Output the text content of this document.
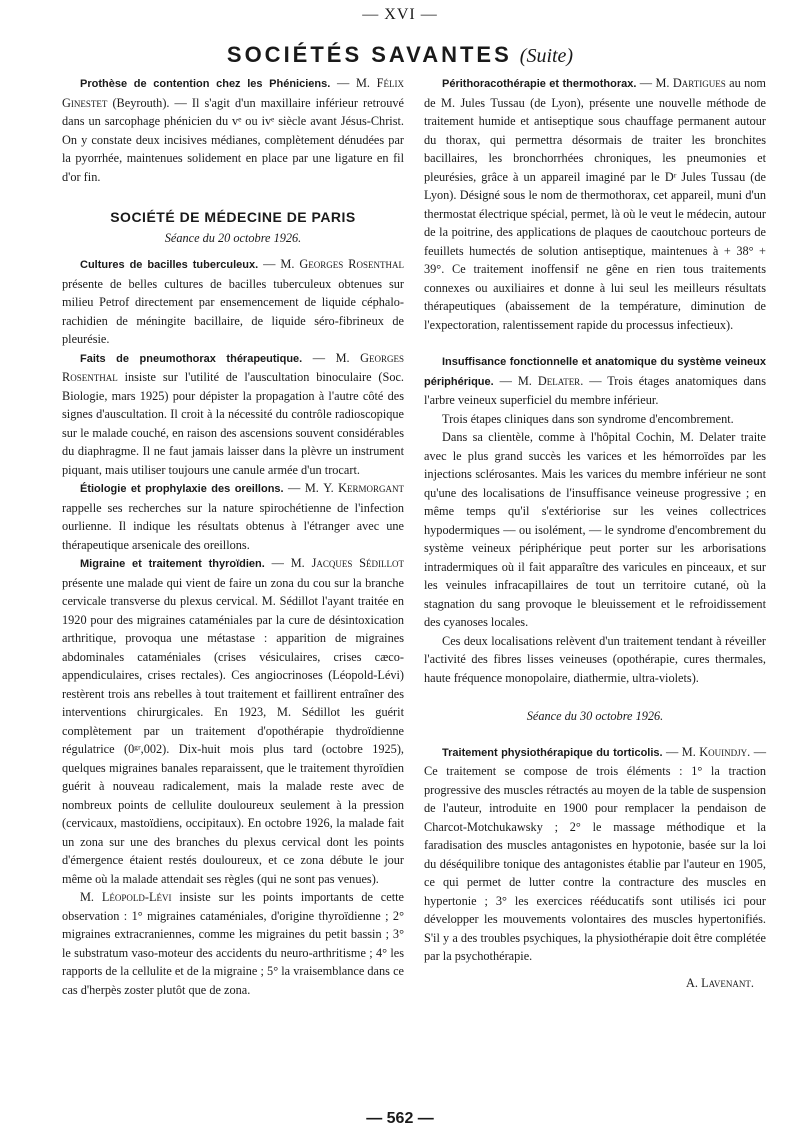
— XVI —
SOCIÉTÉS SAVANTES (Suite)

Prothèse de contention chez les Phéniciens. — M. Félix Ginestet (Beyrouth). — Il s'agit d'un maxillaire inférieur retrouvé dans un sarcophage phénicien du vᵉ ou ivᵉ siècle avant Jésus-Christ. On y constate deux incisives médianes, complètement dénudées par la pyorrhée, maintenues solidement en place par une ligature en fil d'or fin.

SOCIÉTÉ DE MÉDECINE DE PARIS
Séance du 20 octobre 1926.

Cultures de bacilles tuberculeux. — M. Georges Rosenthal présente de belles cultures de bacilles tuberculeux obtenues sur milieu Petrof directement par ensemencement de liquide céphalo-rachidien de méningite bacillaire, de liquide séro-fibrineux de pleurésie.

Faits de pneumothorax thérapeutique. — M. Georges Rosenthal insiste sur l'utilité de l'auscultation binoculaire (Soc. Biologie, mars 1925) pour dépister la propagation à l'autre côté des signes d'auscultation. Il croit à la nécessité du contrôle radioscopique sur le malade couché, en raison des ascensions souvent considérables du diaphragme. Il ne faut jamais laisser dans la plèvre un instrument piquant, mais utiliser toujours une canule armée d'un trocart.

Étiologie et prophylaxie des oreillons. — M. Y. Kermorgant rappelle ses recherches sur la nature spirochétienne de l'infection ourlienne. Il indique les résultats obtenus à l'étranger avec une thérapeutique arsenicale des oreillons.

Migraine et traitement thyroïdien. — M. Jacques Sédillot présente une malade qui vient de faire un zona du cou sur la branche cervicale transverse du plexus cervical. M. Sédillot l'ayant traitée en 1920 pour des migraines cataméniales par la cure de désintoxication arthritique, provoqua une métastase : apparition de migraines abdominales cataméniales (crises vésiculaires, crises cæco-appendiculaires, crises rectales). Ces angiocrinoses (Léopold-Lévi) restèrent trois ans rebelles à tout traitement et faillirent entraîner des interventions chirurgicales. En 1923, M. Sédillot les guérit complètement par un traitement d'opothérapie thydroïdienne régulatrice (0ᵍʳ,002). Dix-huit mois plus tard (octobre 1925), quelques migraines banales reparaissent, que le traitement thyroïdien guérit à nouveau radicalement, mais la malade reste avec de nombreux points de cellulite douloureux seulement à la pression (cervicaux, mastoïdiens, occipitaux). En octobre 1926, la malade fait un zona sur une des branches du plexus cervical dont les points d'émergence étaient restés douloureux, et ce zona débute le jour même où la malade attendait ses règles (qui ne sont pas venues).

M. Léopold-Lévi insiste sur les points importants de cette observation : 1° migraines cataméniales, d'origine thyroïdienne ; 2° migraines extracraniennes, comme les migraines du petit bassin ; 3° le substratum vaso-moteur des accidents du neuro-arthritisme ; 4° les rapports de la cellulite et de la migraine ; 5° la vraisemblance dans ce cas d'herpès zoster plutôt que de zona.

Périthoracothérapie et thermothorax. — M. Dartigues au nom de M. Jules Tussau (de Lyon), présente une nouvelle méthode de traitement humide et antiseptique sous chauffage permanent autour du thorax, qui permettra désormais de traiter les bronchites bacillaires, les bronchorrhées chroniques, les pneumonies et pleurésies, grâce à un appareil imaginé par le Dʳ Jules Tussau (de Lyon). Désigné sous le nom de thermothorax, cet appareil, muni d'un thermostat électrique spécial, permet, là où le veut le médecin, autour de la poitrine, des applications de plaques de caoutchouc porteurs de feuillets humectés de solution antiseptique, maintenues à + 38° + 39°. Ce traitement inoffensif ne gêne en rien tous traitements connexes ou auxiliaires et donne à lui seul les meilleurs résultats thérapeutiques (abaissement de la température, diminution de l'expectoration, ralentissement rapide du processus infectieux).

Insuffisance fonctionnelle et anatomique du système veineux périphérique. — M. Delater. — Trois étages anatomiques dans l'arbre veineux superficiel du membre inférieur.

Trois étapes cliniques dans son syndrome d'encombrement.

Dans sa clientèle, comme à l'hôpital Cochin, M. Delater traite avec le plus grand succès les varices et les hémorroïdes par les injections sclérosantes. Mais les varices du membre inférieur ne sont qu'une des localisations de l'insuffisance veineuse progressive ; en même temps qu'il s'extériorise sur les veines collectrices hypodermiques — ou isolément, — le syndrome d'encombrement du système veineux périphérique peut porter sur les arborisations intradermiques où il fait apparaître des varicules en pinceaux, et sur les veinules infracapillaires de tout un territoire cutané, où la stagnation du sang provoque le bleuissement et le refroidissement des cyanoses locales.

Ces deux localisations relèvent d'un traitement tendant à réveiller l'activité des fibres lisses veineuses (opothérapie, cures thermales, haute fréquence monopolaire, diathermie, ultra-violets).

Séance du 30 octobre 1926.

Traitement physiothérapique du torticolis. — M. Kouindjy. — Ce traitement se compose de trois éléments : 1° la traction progressive des muscles rétractés au moyen de la table de suspension de l'auteur, introduite en 1900 pour remplacer la pendaison de Charcot-Motchukawsky ; 2° le massage méthodique et la faradisation des muscles antagonistes en hypotonie, basée sur la loi du déséquilibre tonique des antagonistes établie par l'auteur en 1905, ce qui permet de lutter contre la contracture des muscles en hypertonie ; 3° les exercices rééducatifs sont utilisés ici pour développer les mouvements volontaires des muscles hypertonifiés. S'il y a des troubles psychiques, la physiothérapie doit être complétée par la psychothérapie.

A. Lavenant.
— 562 —
